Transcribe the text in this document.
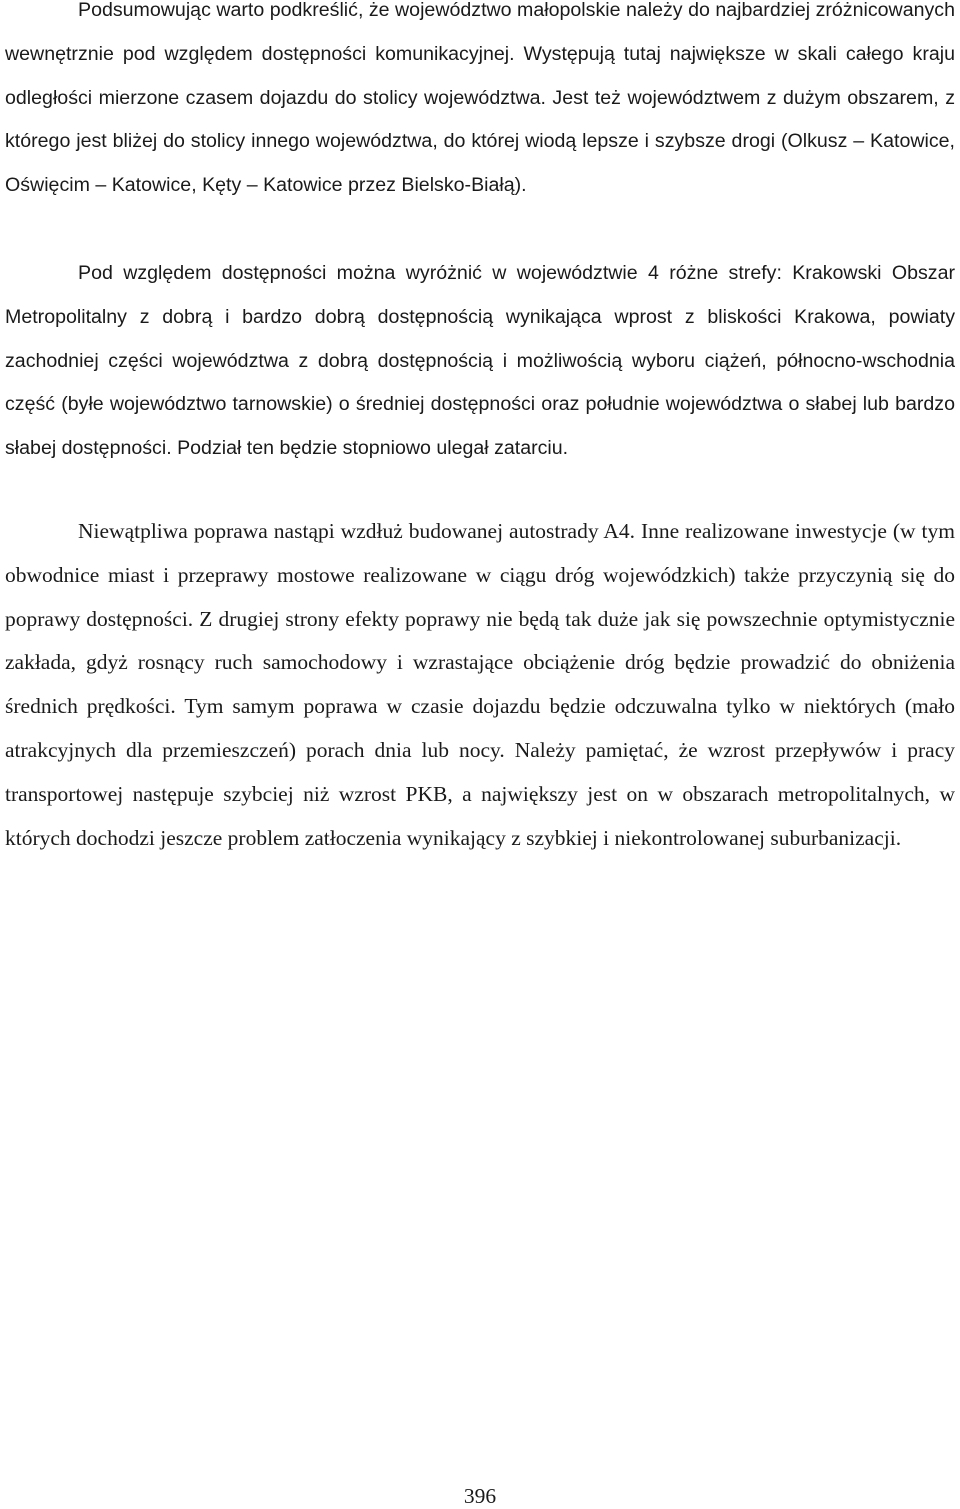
Podsumowując warto podkreślić, że województwo małopolskie należy do najbardziej zróżnicowanych wewnętrznie pod względem dostępności komunikacyjnej. Występują tutaj największe w skali całego kraju odległości mierzone czasem dojazdu do stolicy województwa. Jest też województwem z dużym obszarem, z którego jest bliżej do stolicy innego województwa, do której wiodą lepsze i szybsze drogi (Olkusz – Katowice, Oświęcim – Katowice, Kęty – Katowice przez Bielsko-Białą).

Pod względem dostępności można wyróżnić w województwie 4 różne strefy: Krakowski Obszar Metropolitalny z dobrą i bardzo dobrą dostępnością wynikająca wprost z bliskości Krakowa, powiaty zachodniej części województwa z dobrą dostępnością i możliwością wyboru ciążeń, północno-wschodnia część (byłe województwo tarnowskie) o średniej dostępności oraz południe województwa o słabej lub bardzo słabej dostępności. Podział ten będzie stopniowo ulegał zatarciu.

Niewątpliwa poprawa nastąpi wzdłuż budowanej autostrady A4. Inne realizowane inwestycje (w tym obwodnice miast i przeprawy mostowe realizowane w ciągu dróg wojewódzkich) także przyczynią się do poprawy dostępności. Z drugiej strony efekty poprawy nie będą tak duże jak się powszechnie optymistycznie zakłada, gdyż rosnący ruch samochodowy i wzrastające obciążenie dróg będzie prowadzić do obniżenia średnich prędkości. Tym samym poprawa w czasie dojazdu będzie odczuwalna tylko w niektórych (mało atrakcyjnych dla przemieszczeń) porach dnia lub nocy. Należy pamiętać, że wzrost przepływów i pracy transportowej następuje szybciej niż wzrost PKB, a największy jest on w obszarach metropolitalnych, w których dochodzi jeszcze problem zatłoczenia wynikający z szybkiej i niekontrolowanej suburbanizacji.

396
